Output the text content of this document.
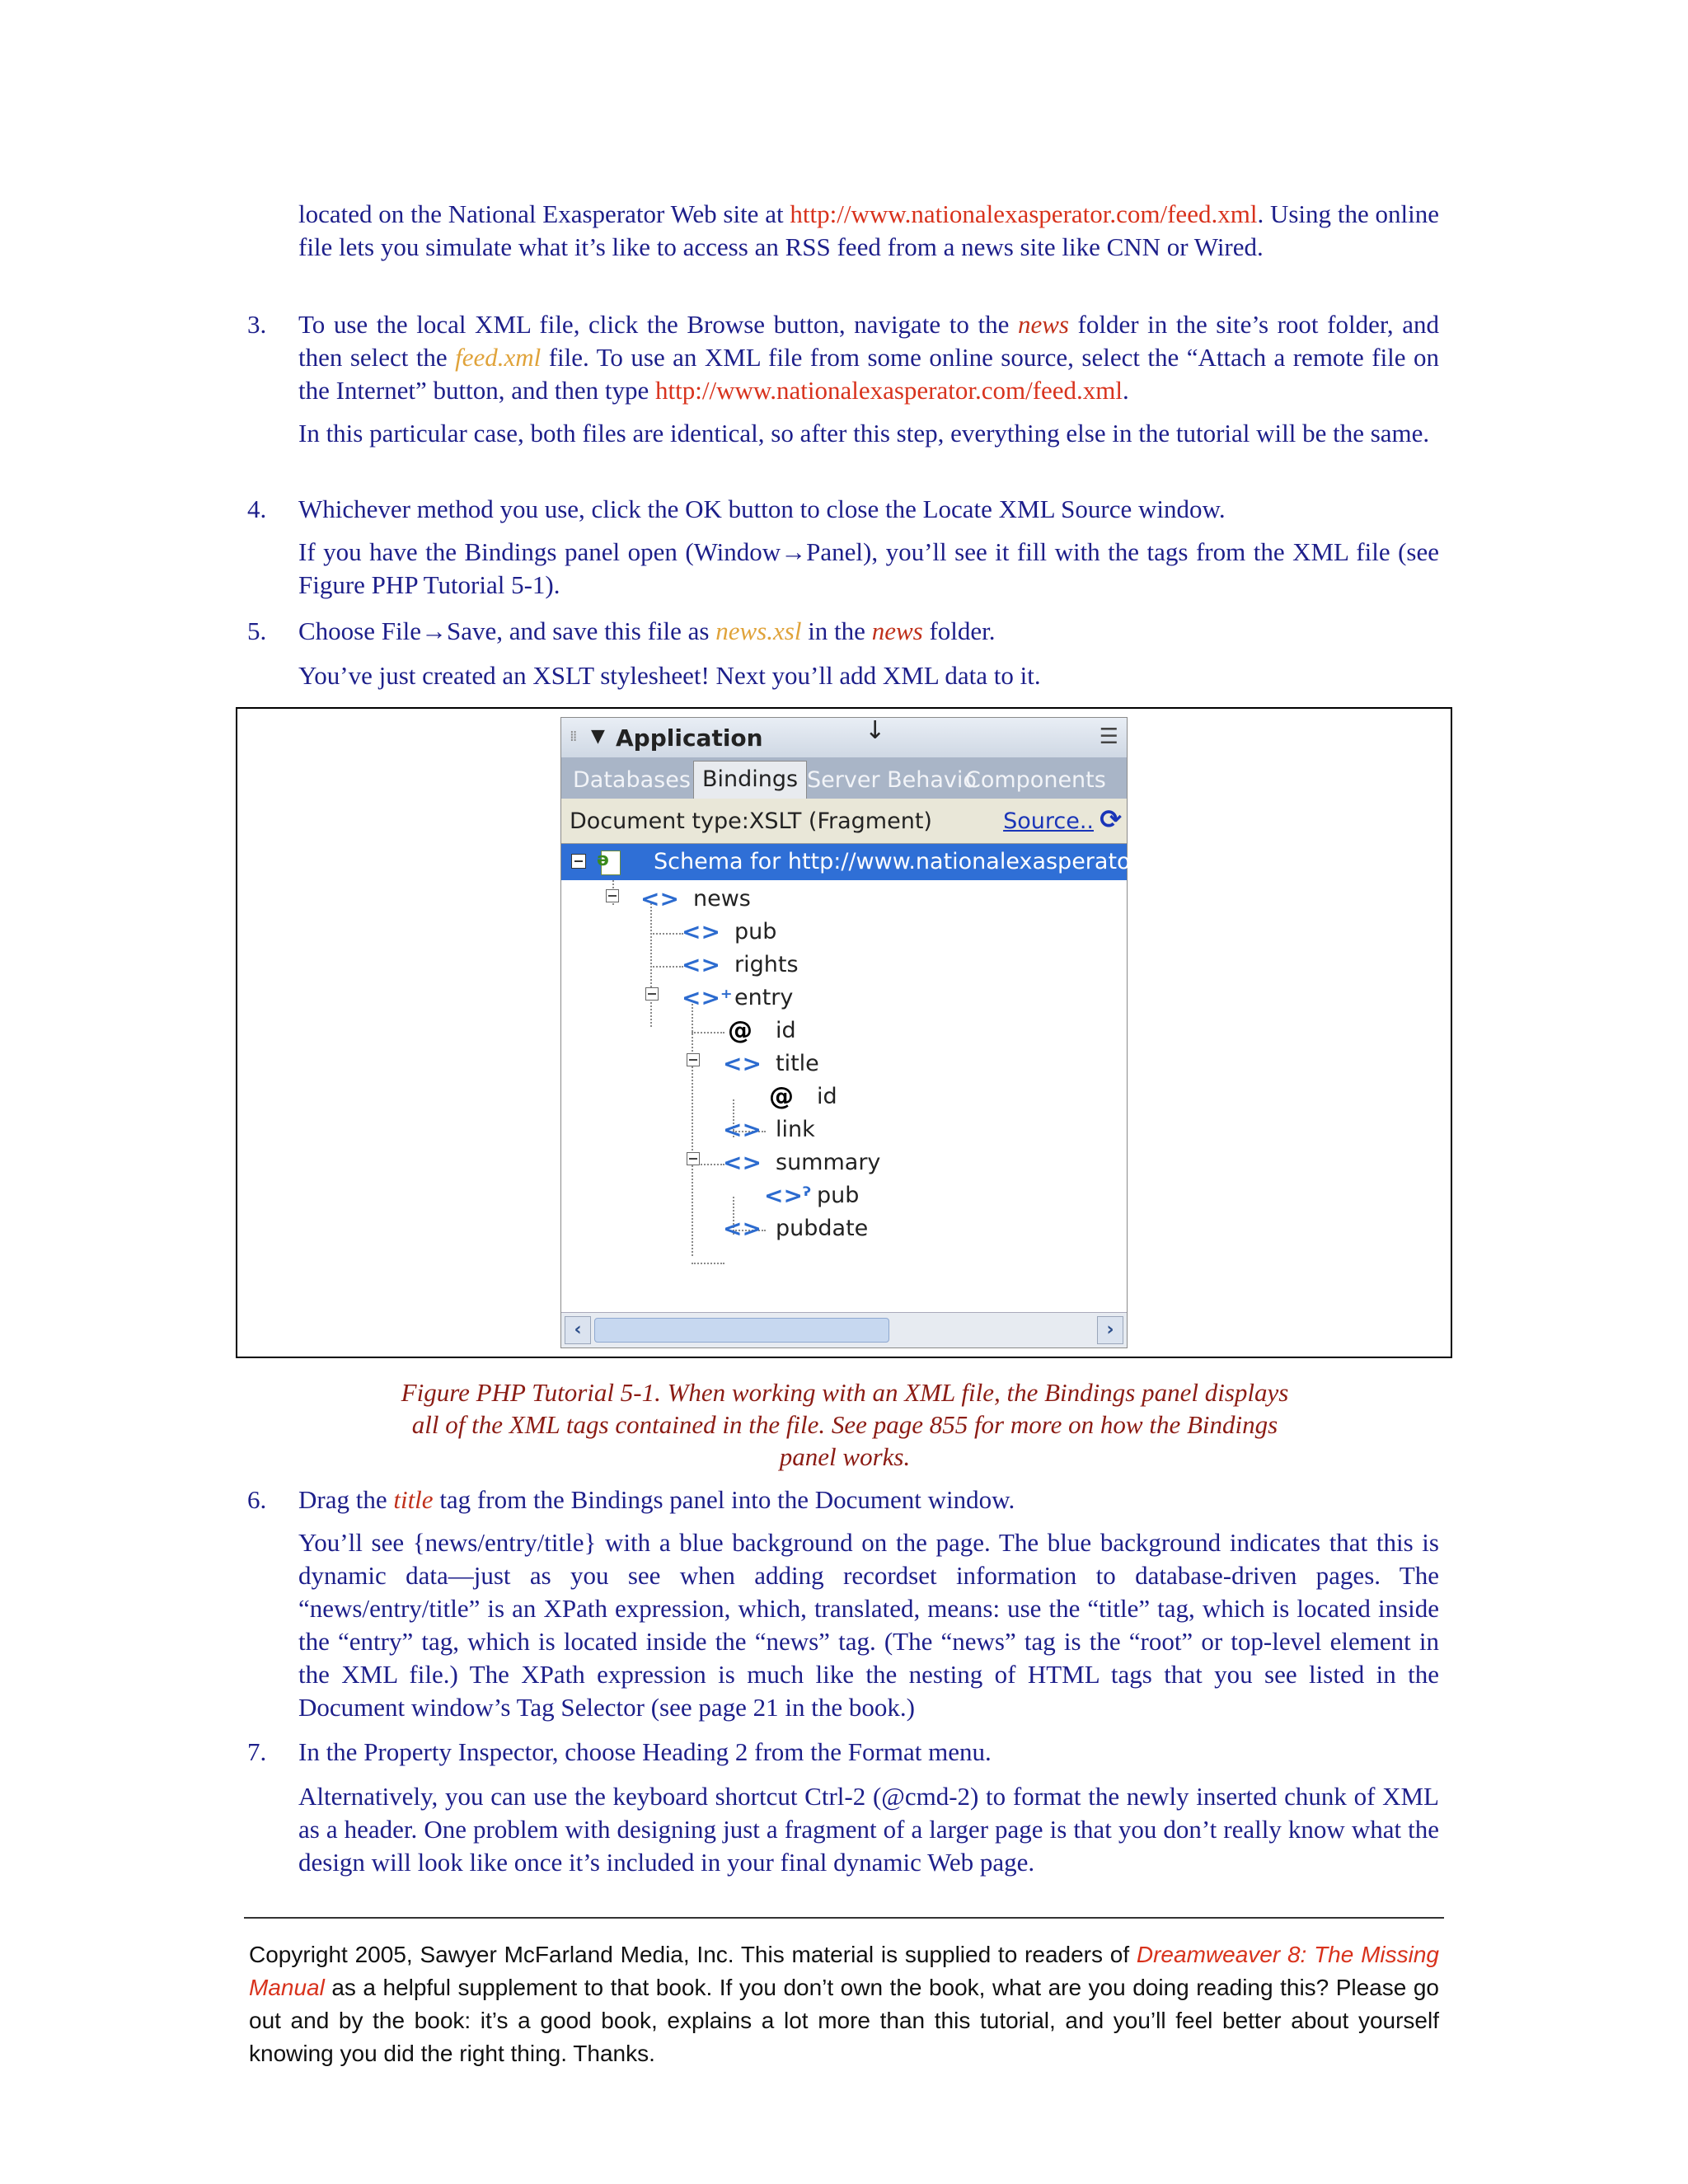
located on the National Exasperator Web site at http://www.nationalexasperator.com/feed.xml. Using the online file lets you simulate what it’s like to access an RSS feed from a news site like CNN or Wired.
3. To use the local XML file, click the Browse button, navigate to the news folder in the site’s root folder, and then select the feed.xml file. To use an XML file from some online source, select the “Attach a remote file on the Internet” button, and then type http://www.nationalexasperator.com/feed.xml.
In this particular case, both files are identical, so after this step, everything else in the tutorial will be the same.
4. Whichever method you use, click the OK button to close the Locate XML Source window.
If you have the Bindings panel open (Window→Panel), you’ll see it fill with the tags from the XML file (see Figure PHP Tutorial 5-1).
5. Choose File→Save, and save this file as news.xsl in the news folder.
You’ve just created an XSLT stylesheet! Next you’ll add XML data to it.
⁞⁞ ▼ Application	↓	☰
Databases Bindings Server Behavio
Components
Document type:XSLT (Fragment)	Source.. ⟳
ə
Schema for http://www.nationalexasperator.com/feed.xml
<> news
<> pub
<> rights
<>⁺ entry
@ id
<> title
@ id
<> link
<> summary
<>ˀ pub
<> pubdate
‹	›
Figure PHP Tutorial 5-1. When working with an XML file, the Bindings panel displays
all of the XML tags contained in the file. See page 855 for more on how the Bindings
panel works.
6. Drag the title tag from the Bindings panel into the Document window.
You’ll see {news/entry/title} with a blue background on the page. The blue background indicates that this is dynamic data—just as you see when adding recordset information to database-driven pages. The “news/entry/title” is an XPath expression, which, translated, means: use the “title” tag, which is located inside the “entry” tag, which is located inside the “news” tag. (The “news” tag is the “root” or top-level element in the XML file.) The XPath expression is much like the nesting of HTML tags that you see listed in the Document window’s Tag Selector (see page 21 in the book.)
7. In the Property Inspector, choose Heading 2 from the Format menu.
Alternatively, you can use the keyboard shortcut Ctrl-2 (@cmd-2) to format the newly inserted chunk of XML as a header. One problem with designing just a fragment of a larger page is that you don’t really know what the design will look like once it’s included in your final dynamic Web page.
Copyright 2005, Sawyer McFarland Media, Inc. This material is supplied to readers of Dreamweaver 8: The Missing Manual as a helpful supplement to that book. If you don’t own the book, what are you doing reading this? Please go out and by the book: it’s a good book, explains a lot more than this tutorial, and you’ll feel better about yourself knowing you did the right thing. Thanks.
